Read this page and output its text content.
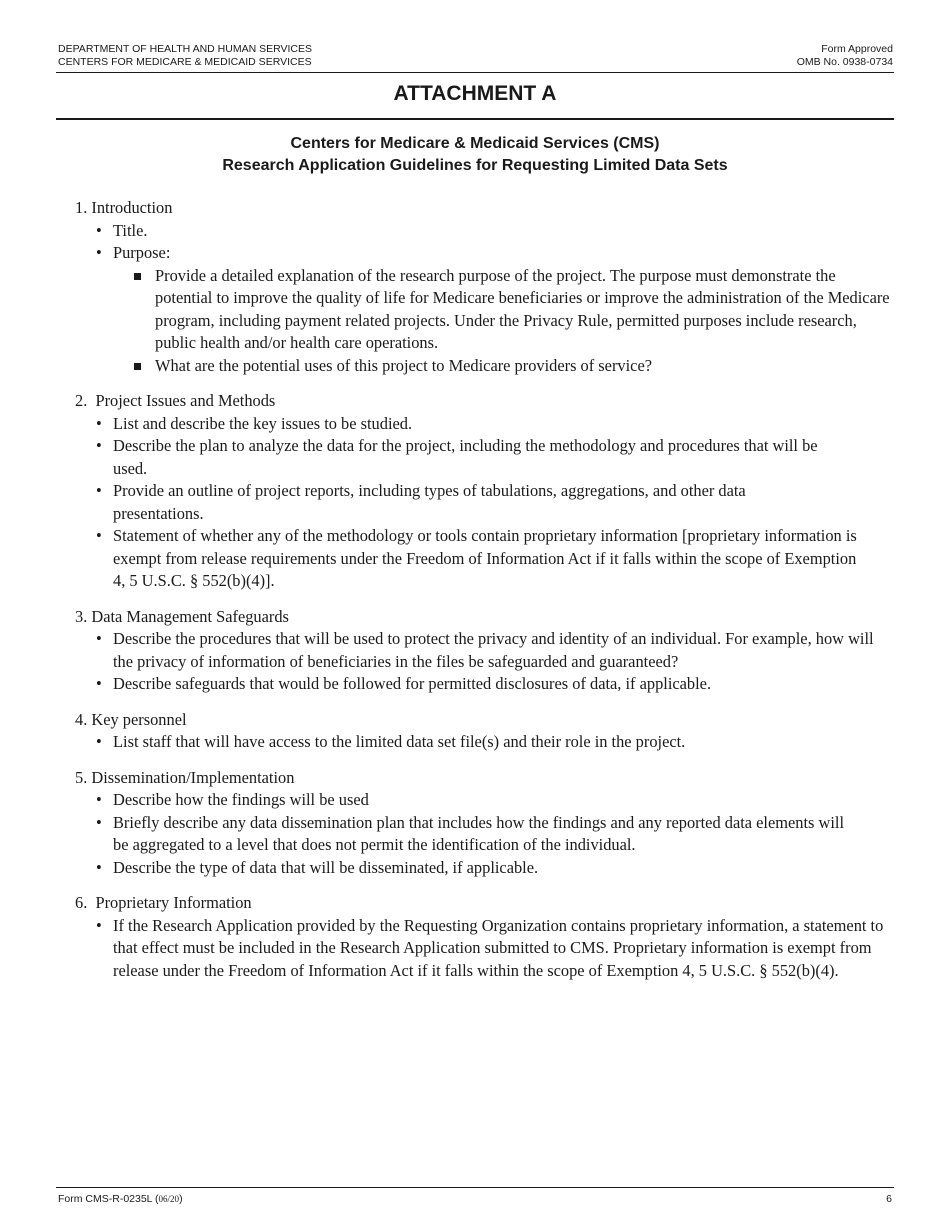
DEPARTMENT OF HEALTH AND HUMAN SERVICES
CENTERS FOR MEDICARE & MEDICAID SERVICES
Form Approved
OMB No. 0938-0734
ATTACHMENT A
Centers for Medicare & Medicaid Services (CMS)
Research Application Guidelines for Requesting Limited Data Sets
1. Introduction
• Title.
• Purpose:
Provide a detailed explanation of the research purpose of the project. The purpose must demonstrate the potential to improve the quality of life for Medicare beneficiaries or improve the administration of the Medicare program, including payment related projects. Under the Privacy Rule, permitted purposes include research, public health and/or health care operations.
What are the potential uses of this project to Medicare providers of service?
2.  Project Issues and Methods
• List and describe the key issues to be studied.
• Describe the plan to analyze the data for the project, including the methodology and procedures that will be used.
• Provide an outline of project reports, including types of tabulations, aggregations, and other data presentations.
• Statement of whether any of the methodology or tools contain proprietary information [proprietary information is exempt from release requirements under the Freedom of Information Act if it falls within the scope of Exemption 4, 5 U.S.C. § 552(b)(4)].
3. Data Management Safeguards
• Describe the procedures that will be used to protect the privacy and identity of an individual. For example, how will the privacy of information of beneficiaries in the files be safeguarded and guaranteed?
• Describe safeguards that would be followed for permitted disclosures of data, if applicable.
4. Key personnel
• List staff that will have access to the limited data set file(s) and their role in the project.
5. Dissemination/Implementation
• Describe how the findings will be used
• Briefly describe any data dissemination plan that includes how the findings and any reported data elements will be aggregated to a level that does not permit the identification of the individual.
• Describe the type of data that will be disseminated, if applicable.
6.  Proprietary Information
• If the Research Application provided by the Requesting Organization contains proprietary information, a statement to that effect must be included in the Research Application submitted to CMS. Proprietary information is exempt from release under the Freedom of Information Act if it falls within the scope of Exemption 4, 5 U.S.C. § 552(b)(4).
Form CMS-R-0235L (06/20)	6
